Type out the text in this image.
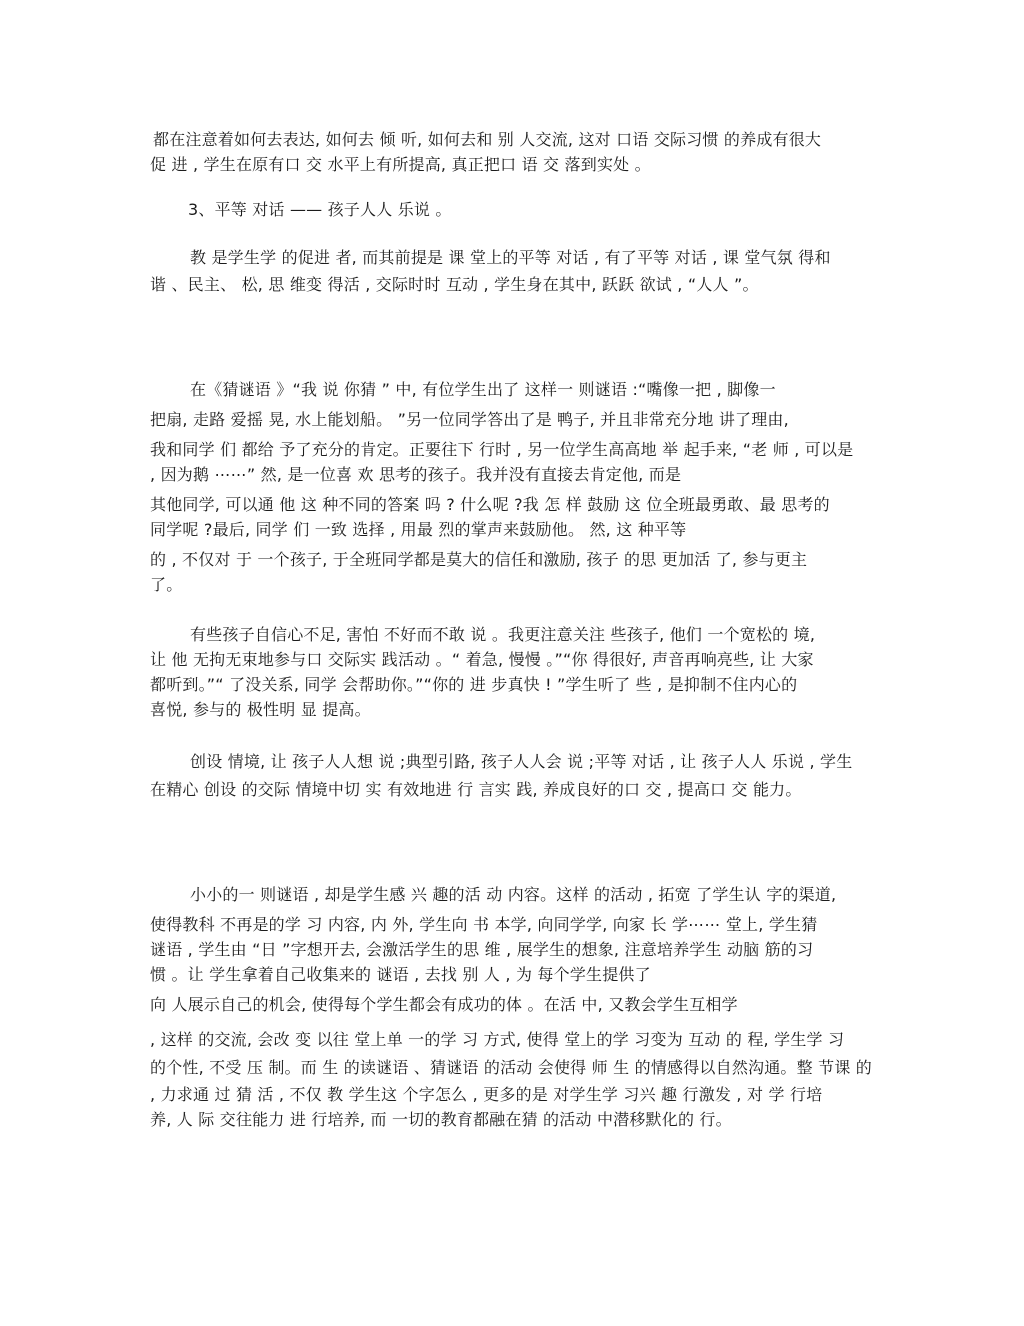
都在注意着如何去表达, 如何去 倾 听, 如何去和 别 人交流, 这对 口语 交际习惯 的养成有很大
促 进 , 学生在原有口 交 水平上有所提高, 真正把口 语 交 落到实处 。
3、平等 对话 —— 孩子人人 乐说 。
教 是学生学 的促进 者, 而其前提是 课 堂上的平等 对话 , 有了平等 对话 , 课 堂气氛 得和
谐 、民主、 松, 思 维变 得活 , 交际时时 互动 , 学生身在其中, 跃跃 欲试 , “人人 ”。
在《猜谜语 》“我 说 你猜 ” 中, 有位学生出了 这样一 则谜语 :“嘴像一把 , 脚像一
把扇, 走路 爱摇 晃, 水上能划船。 ”另一位同学答出了是 鸭子, 并且非常充分地 讲了理由,
我和同学 们 都给 予了充分的肯定。正要往下 行时 , 另一位学生高高地 举 起手来, “老 师 , 可以是
, 因为鹅 ⋯⋯” 然, 是一位喜 欢 思考的孩子。我并没有直接去肯定他, 而是
其他同学, 可以通 他 这 种不同的答案 吗 ? 什么呢 ?我 怎 样 鼓励 这 位全班最勇敢、最 思考的
同学呢 ?最后, 同学 们 一致 选择 , 用最 烈的掌声来鼓励他。 然, 这 种平等
的 , 不仅对 于 一个孩子, 于全班同学都是莫大的信任和激励, 孩子 的思 更加活 了, 参与更主
了。
有些孩子自信心不足, 害怕 不好而不敢 说 。我更注意关注 些孩子, 他们 一个宽松的 境,
让 他 无拘无束地参与口 交际实 践活动 。“ 着急, 慢慢 。”“你 得很好, 声音再响亮些, 让 大家
都听到。”“ 了没关系, 同学 会帮助你。”“你的 进 步真快 ! ”学生听了 些 , 是抑制不住内心的
喜悦, 参与的 极性明 显 提高。
创设 情境, 让 孩子人人想 说 ;典型引路, 孩子人人会 说 ;平等 对话 , 让 孩子人人 乐说 , 学生
在精心 创设 的交际 情境中切 实 有效地进 行 言实 践, 养成良好的口 交 , 提高口 交 能力。
小小的一 则谜语 , 却是学生感 兴 趣的活 动 内容。这样 的活动 , 拓宽 了学生认 字的渠道,
使得教科 不再是的学 习 内容, 内 外, 学生向 书 本学, 向同学学, 向家 长 学⋯⋯ 堂上, 学生猜
谜语 , 学生由 “日 ”字想开去, 会激活学生的思 维 , 展学生的想象, 注意培养学生 动脑 筋的习
惯 。让 学生拿着自己收集来的 谜语 , 去找 别 人 , 为 每个学生提供了
向 人展示自己的机会, 使得每个学生都会有成功的体 。在活 中, 又教会学生互相学
, 这样 的交流, 会改 变 以往 堂上单 一的学 习 方式, 使得 堂上的学 习变为 互动 的 程, 学生学 习
的个性, 不受 压 制。而 生 的读谜语 、猜谜语 的活动 会使得 师 生 的情感得以自然沟通。整 节课 的
, 力求通 过 猜 活 , 不仅 教 学生这 个字怎么 , 更多的是 对学生学 习兴 趣 行激发 , 对 学 行培
养, 人 际 交往能力 进 行培养, 而 一切的教育都融在猜 的活动 中潜移默化的 行。
